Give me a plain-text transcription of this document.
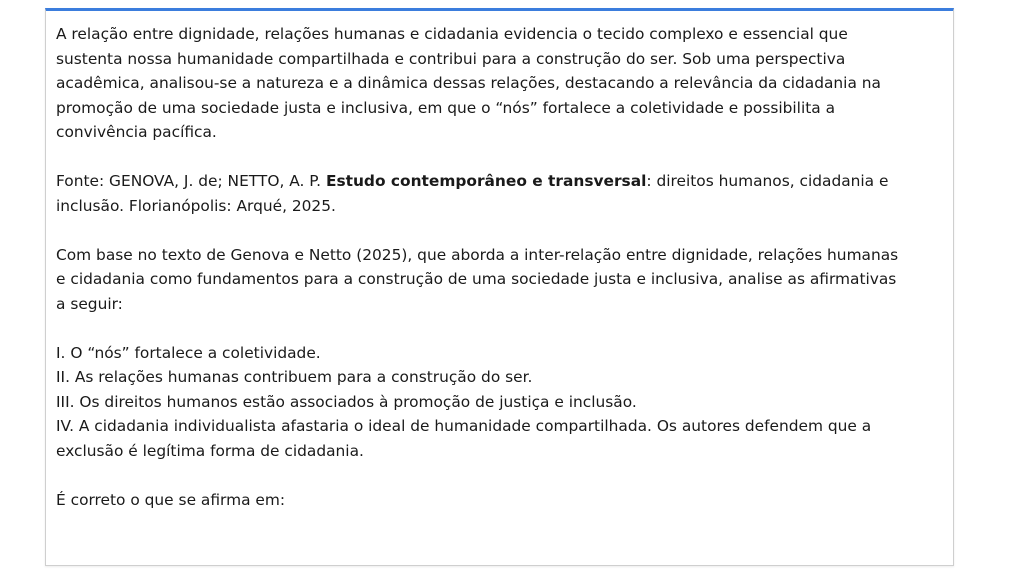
A relação entre dignidade, relações humanas e cidadania evidencia o tecido complexo e essencial que
sustenta nossa humanidade compartilhada e contribui para a construção do ser. Sob uma perspectiva
acadêmica, analisou-se a natureza e a dinâmica dessas relações, destacando a relevância da cidadania na
promoção de uma sociedade justa e inclusiva, em que o “nós” fortalece a coletividade e possibilita a
convivência pacífica.
Fonte: GENOVA, J. de; NETTO, A. P. Estudo contemporâneo e transversal: direitos humanos, cidadania e
inclusão. Florianópolis: Arqué, 2025.
Com base no texto de Genova e Netto (2025), que aborda a inter-relação entre dignidade, relações humanas
e cidadania como fundamentos para a construção de uma sociedade justa e inclusiva, analise as afirmativas
a seguir:
I. O “nós” fortalece a coletividade.
II. As relações humanas contribuem para a construção do ser.
III. Os direitos humanos estão associados à promoção de justiça e inclusão.
IV. A cidadania individualista afastaria o ideal de humanidade compartilhada. Os autores defendem que a
exclusão é legítima forma de cidadania.
É correto o que se afirma em:
